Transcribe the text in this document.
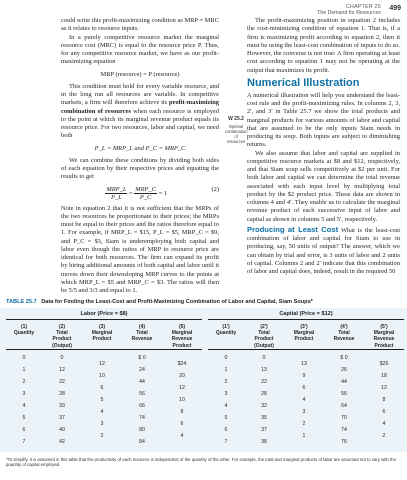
CHAPTER 25
The Demand for Resources
499

could write this profit-maximizing condition as MRP = MRC as it relates to resource inputs.

In a purely competitive resource market the marginal resource cost (MRC) is equal to the resource price P. Thus, for any competitive resource market, we have as our profit-maximizing equation

MRP (resource) = P (resource)

This condition must hold for every variable resource, and in the long run all resources are variable. In competitive markets, a firm will therefore achieve its profit-maximizing combination of resources when each resource is employed to the point at which its marginal revenue product equals its resource price. For two resources, labor and capital, we need both

P_L = MRP_L and P_C = MRP_C

We can combine these conditions by dividing both sides of each equation by their respective prices and equating the results to get

$\frac{\text{MRP\_L}}{P\_L} = \frac{\text{MRP\_C}}{P\_C} = 1$
(2)

Note in equation 2 that it is not sufficient that the MRPs of the two resources be proportionate to their prices; the MRPs must be equal to their prices and the ratios therefore equal to 1. For example, if MRP_L = $15, P_L = $5, MRP_C = $9, and P_C = $3, Siam is underemploying both capital and labor even though the ratios of MRP to resource price are identical for both resources. The firm can expand its profit by hiring additional amounts of both capital and labor until it moves down their downsloping MRP curves to the points at which MRP_L = $5 and MRP_C = $3. The ratios will then be 5/5 and 3/3 and equal to 1.

W 25.2
Optimal combination of resources

The profit-maximizing position in equation 2 includes the cost-minimizing condition of equation 1. That is, if a firm is maximizing profit according to equation 2, then it must be using the least-cost combination of inputs to do so. However, the converse is not true: A firm operating at least cost according to equation 1 may not be operating at the output that maximizes its profit.

Numerical Illustration

A numerical illustration will help you understand the least-cost rule and the profit-maximizing rules. In columns 2, 3, 2′, and 3′ in Table 25.7 we show the total products and marginal products for various amounts of labor and capital that are assumed to be the only inputs Siam needs in producing its soup. Both inputs are subject to diminishing returns.

We also assume that labor and capital are supplied in competitive resource markets at $8 and $12, respectively, and that Siam soup sells competitively at $2 per unit. For both labor and capital we can determine the total revenue associated with each input level by multiplying total product by the $2 product price. These data are shown in columns 4 and 4′. They enable us to calculate the marginal revenue product of each successive input of labor and capital as shown in columns 5 and 5′, respectively.

Producing at Least Cost What is the least-cost combination of labor and capital for Siam to use in producing, say, 50 units of output? The answer, which we can obtain by trial and error, is 3 units of labor and 2 units of capital. Columns 2 and 2′ indicate that this combination of labor and capital does, indeed, result in the required 50

TABLE 25.7 Data for Finding the Least-Cost and Profit-Maximizing Combination of Labor and Capital, Siam Soups*
Labor (Price = $8)	Capital (Price = $12)
(1)
Quantity
(2)
Total
Product
(Output)
(3)
Marginal
Product
(4)
Total
Revenue
(5)
Marginal
Revenue
Product
0
1
2
3
4
5
6
7
0
12
22
28
33
37
40
42
$ 0
24
44
56
66
74
80
84
12
10
6
5
4
3
2
$24
20
12
10
8
6
4
(1′)
Quantity
(2′)
Total
Product
(Output)
(3′)
Marginal
Product
(4′)
Total
Revenue
(5′)
Marginal
Revenue
Product
0
1
2
3
4
5
6
7
0
13
22
28
32
35
37
38
$ 0
26
44
56
64
70
74
76
13
9
6
4
3
2
1
$26
18
12
8
6
4
2
*To simplify, it is assumed in this table that the productivity of each resource is independent of the quantity of the other. For example, the total and marginal products of labor are assumed not to vary with the quantity of capital employed.
